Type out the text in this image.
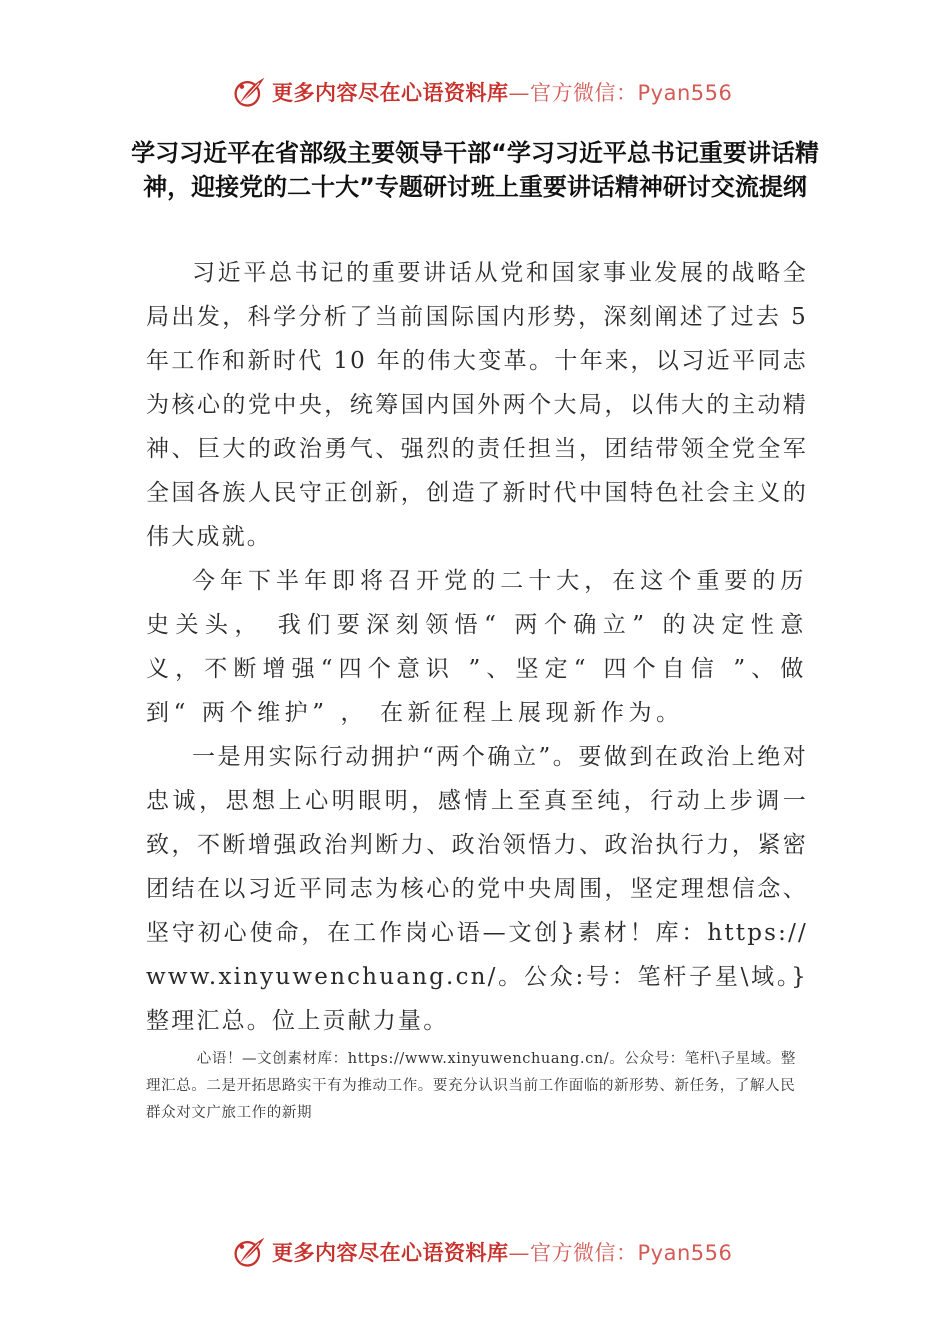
更多内容尽在心语资料库—官方微信：Pyan556
学习习近平在省部级主要领导干部“学习习近平总书记重要讲话精神，迎接党的二十大”专题研讨班上重要讲话精神研讨交流提纲

习近平总书记的重要讲话从党和国家事业发展的战略全局出发，科学分析了当前国际国内形势，深刻阐述了过去 5 年工作和新时代 10 年的伟大变革。十年来，以习近平同志为核心的党中央，统筹国内国外两个大局，以伟大的主动精神、巨大的政治勇气、强烈的责任担当，团结带领全党全军全国各族人民守正创新，创造了新时代中国特色社会主义的伟大成就。

今年下半年即将召开党的二十大，在这个重要的历史关头， 我们要深刻领悟“ 两个确立” 的决定性意义，不断增强“四个意识 ”、坚定“ 四个自信 ”、做到“ 两个维护” ， 在新征程上展现新作为。

一是用实际行动拥护“两个确立”。要做到在政治上绝对忠诚，思想上心明眼明，感情上至真至纯，行动上步调一致，不断增强政治判断力、政治领悟力、政治执行力，紧密团结在以习近平同志为核心的党中央周围，坚定理想信念、坚守初心使命，在工作岗心语—文创}素材！库：https://www.xinyuwenchuang.cn/。公众:号：笔杆子星\域。}整理汇总。位上贡献力量。

心语！—文创素材库：https://www.xinyuwenchuang.cn/。公众号：笔杆\子星域。整理汇总。二是开拓思路实干有为推动工作。要充分认识当前工作面临的新形势、新任务，了解人民群众对文广旅工作的新期

更多内容尽在心语资料库—官方微信：Pyan556
